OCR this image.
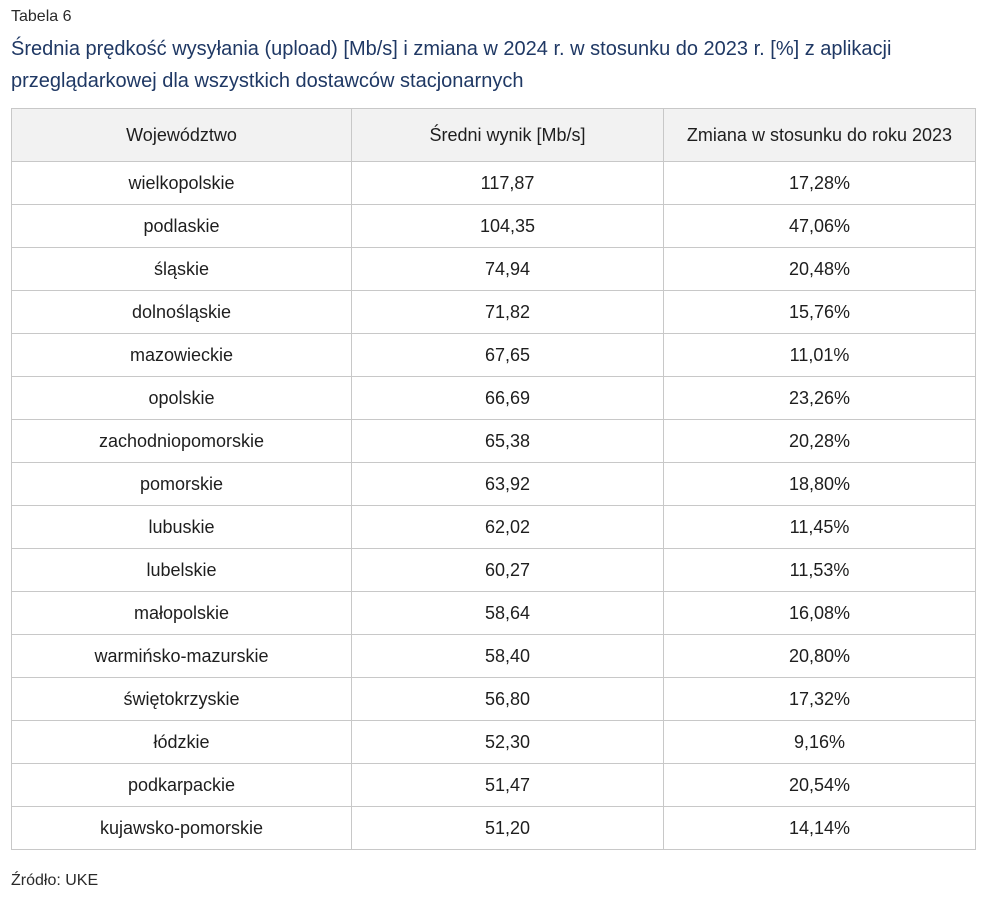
Tabela 6
Średnia prędkość wysyłania (upload) [Mb/s] i zmiana w 2024 r. w stosunku do 2023 r. [%] z aplikacji przeglądarkowej dla wszystkich dostawców stacjonarnych
Województwo	Średni wynik [Mb/s]	Zmiana w stosunku do roku 2023
wielkopolskie	117,87	17,28%
podlaskie	104,35	47,06%
śląskie	74,94	20,48%
dolnośląskie	71,82	15,76%
mazowieckie	67,65	11,01%
opolskie	66,69	23,26%
zachodniopomorskie	65,38	20,28%
pomorskie	63,92	18,80%
lubuskie	62,02	11,45%
lubelskie	60,27	11,53%
małopolskie	58,64	16,08%
warmińsko-mazurskie	58,40	20,80%
świętokrzyskie	56,80	17,32%
łódzkie	52,30	9,16%
podkarpackie	51,47	20,54%
kujawsko-pomorskie	51,20	14,14%
Źródło: UKE
